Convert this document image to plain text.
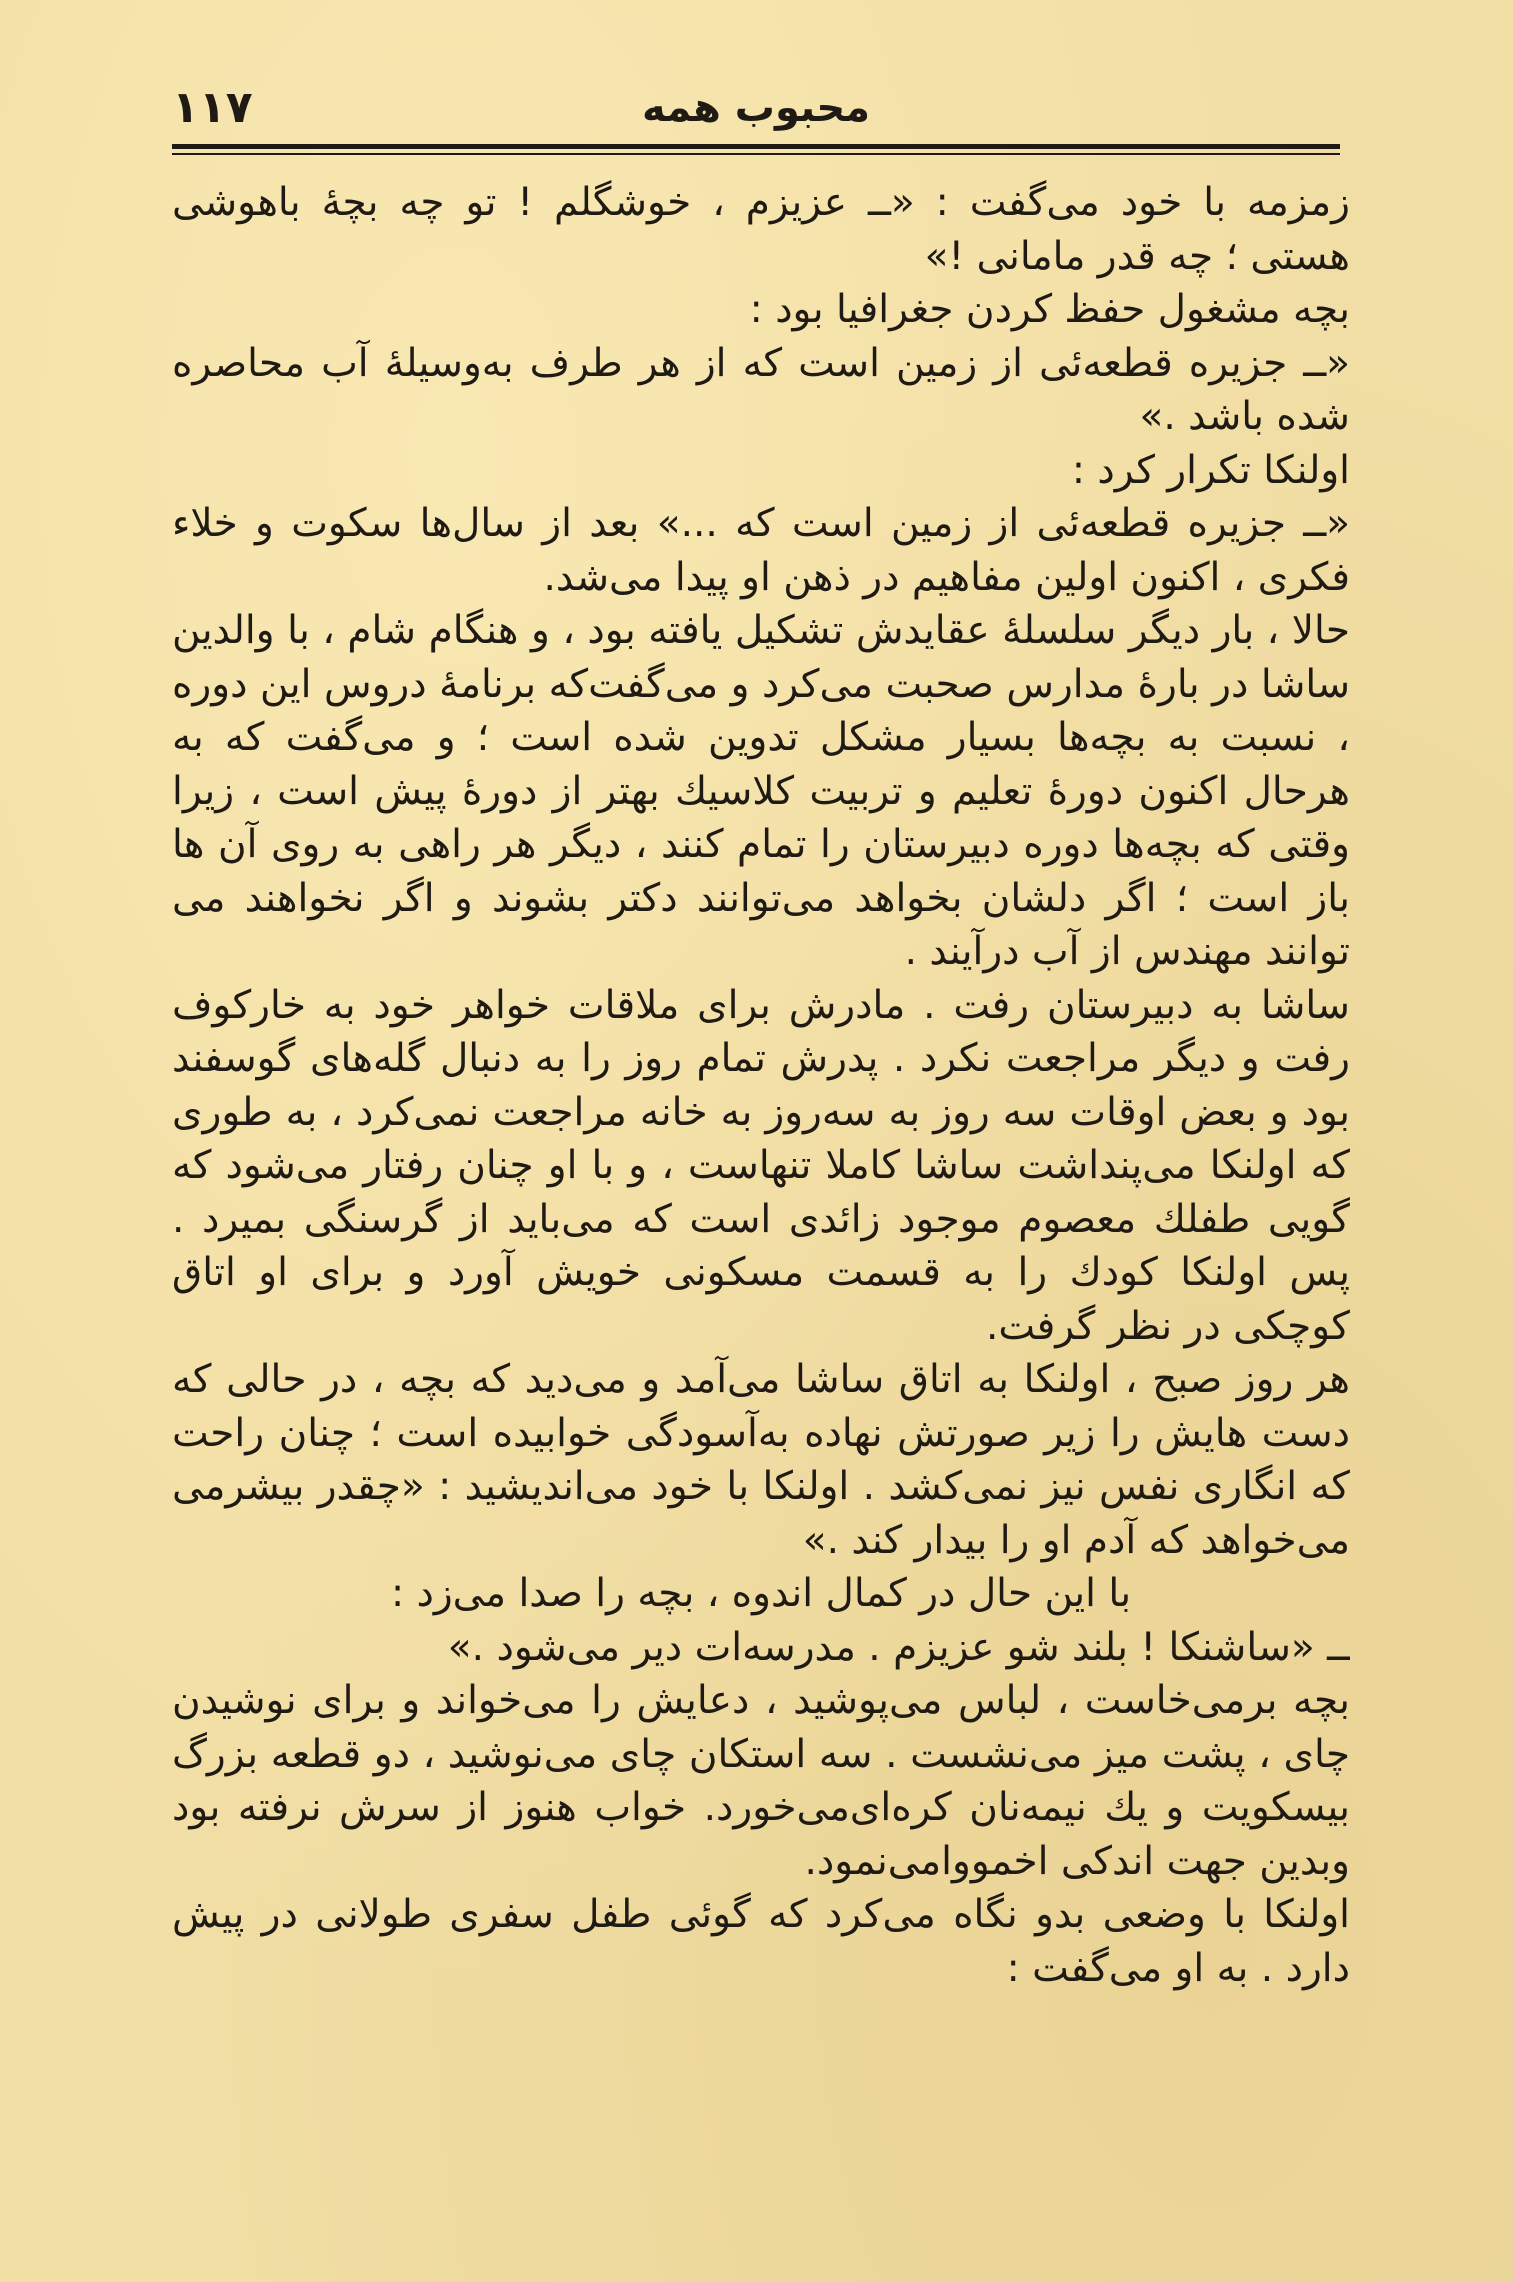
۱۱۷	محبوب همه

زمزمه با خود می‌گفت : «ــ عزیزم ، خوشگلم ! تو چه بچهٔ باهوشی هستی ؛ چه قدر مامانی !»

بچه مشغول حفظ کردن جغرافیا بود :

«ــ جزیره قطعه‌ئی از زمین است که از هر طرف به‌وسیلهٔ آب محاصره شده باشد .»

اولنکا تکرار کرد :

«ــ جزیره قطعه‌ئی از زمین است که ...» بعد از سال‌ها سکوت و خلاء فکری ، اکنون اولین مفاهیم در ذهن او پیدا می‌شد.

حالا ، بار دیگر سلسلهٔ عقایدش تشکیل یافته بود ، و هنگام شام ، با والدین ساشا در بارهٔ مدارس صحبت می‌کرد و می‌گفت‌که برنامهٔ دروس این دوره ، نسبت به بچه‌ها بسیار مشکل تدوین شده است ؛ و می‌گفت که به هرحال اکنون دورهٔ تعلیم و تربیت کلاسیك بهتر از دورهٔ پیش است ، زیرا وقتی که بچه‌ها دوره دبیرستان را تمام کنند ، دیگر هر راهی به روی آن ها باز است ؛ اگر دلشان بخواهد می‌توانند دکتر بشوند و اگر نخواهند می توانند مهندس از آب درآیند .

ساشا به دبیرستان رفت . مادرش برای ملاقات خواهر خود به خارکوف رفت و دیگر مراجعت نکرد . پدرش تمام روز را به دنبال گله‌های گوسفند بود و بعض اوقات سه روز به سه‌روز به خانه مراجعت نمی‌کرد ، به طوری که اولنکا می‌پنداشت ساشا کاملا تنهاست ، و با او چنان رفتار می‌شود که گویی طفلك معصوم موجود زائدی است که می‌باید از گرسنگی بمیرد . پس اولنکا کودك را به قسمت مسکونی خویش آورد و برای او اتاق کوچکی در نظر گرفت.

هر روز صبح ، اولنکا به اتاق ساشا می‌آمد و می‌دید که بچه ، در حالی که دست هایش را زیر صورتش نهاده به‌آسودگی خوابیده است ؛ چنان راحت که انگاری نفس نیز نمی‌کشد . اولنکا با خود می‌اندیشید : «چقدر بیشرمی می‌خواهد که آدم او را بیدار کند .»

با این حال در کمال اندوه ، بچه را صدا می‌زد :

ــ «ساشنکا ! بلند شو عزیزم . مدرسه‌ات دیر می‌شود .»

بچه برمی‌خاست ، لباس می‌پوشید ، دعایش را می‌خواند و برای نوشیدن چای ، پشت میز می‌نشست . سه استکان چای می‌نوشید ، دو قطعه بزرگ بیسکویت و یك نیمه‌نان کره‌ای‌می‌خورد. خواب هنوز از سرش نرفته بود وبدین جهت اندکی اخمووامی‌نمود.

اولنکا با وضعی بدو نگاه می‌کرد که گوئی طفل سفری طولانی در پیش دارد . به او می‌گفت :
